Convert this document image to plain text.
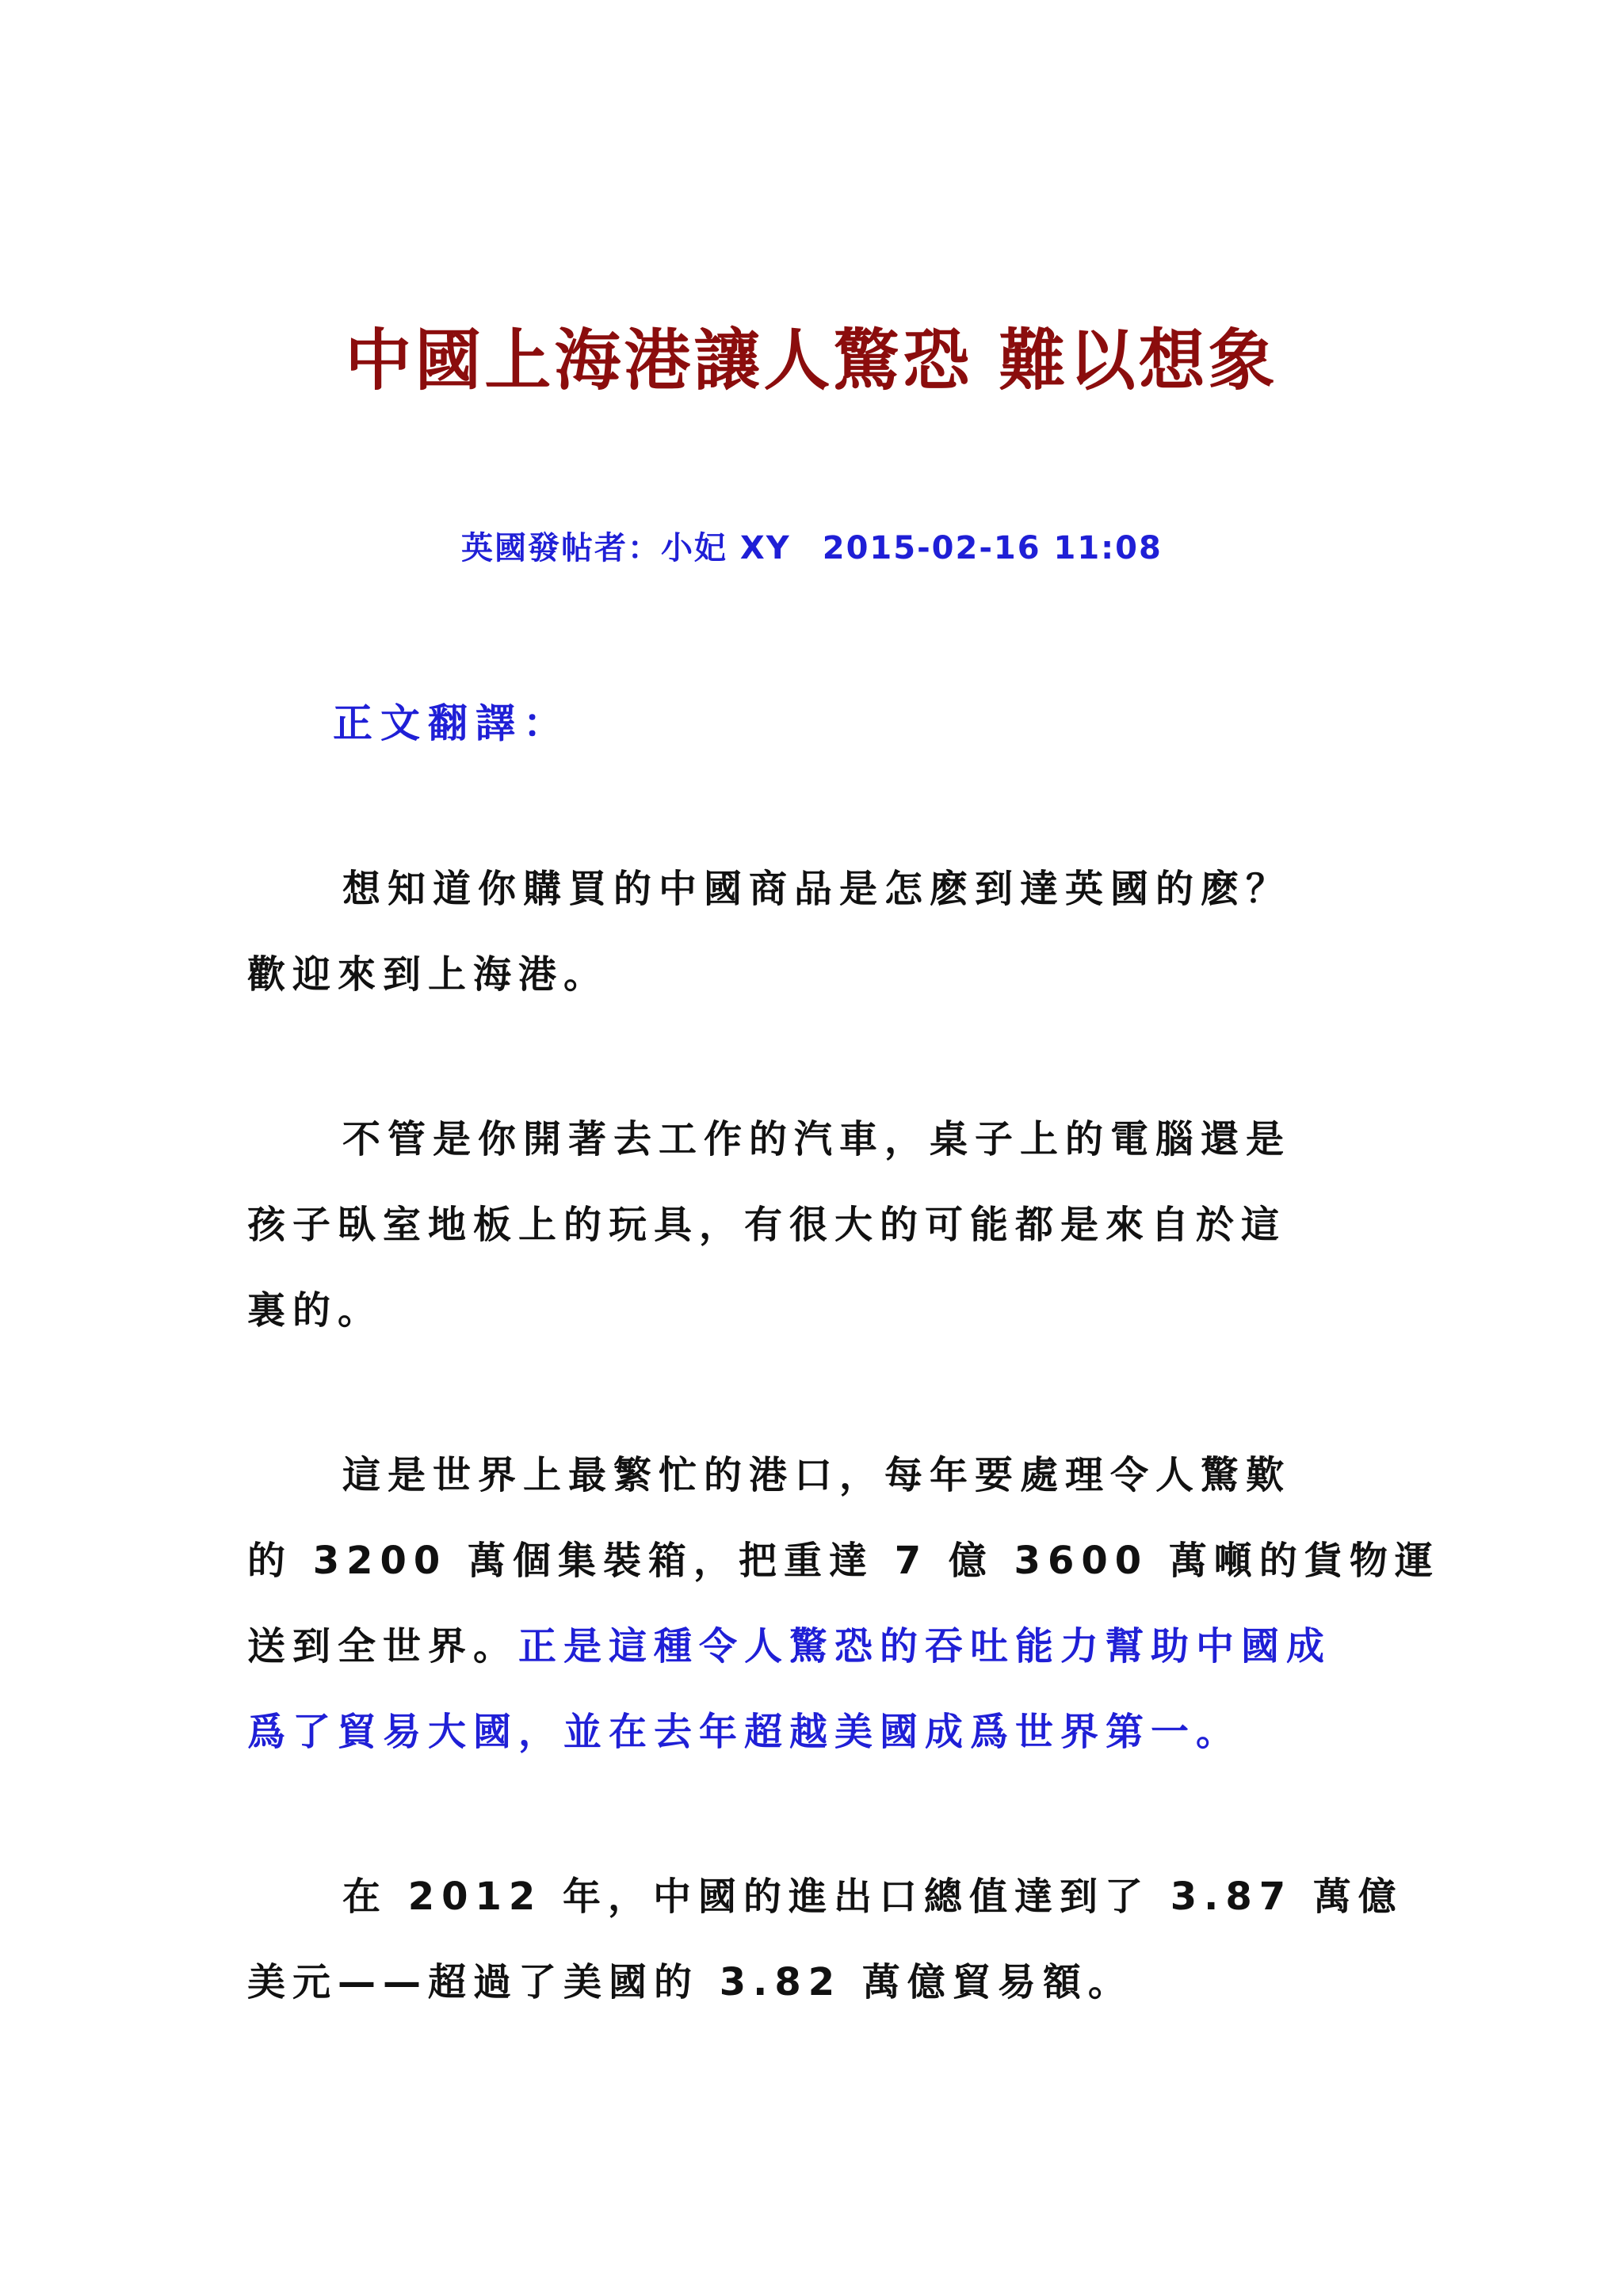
中國上海港讓人驚恐 難以想象
英國發帖者：小妃 XY 2015-02-16 11:08
正文翻譯：
想知道你購買的中國商品是怎麽到達英國的麽？
歡迎來到上海港。
不管是你開著去工作的汽車，桌子上的電腦還是
孩子臥室地板上的玩具，有很大的可能都是來自於這
裏的。
這是世界上最繁忙的港口，每年要處理令人驚歎
的 3200 萬個集裝箱，把重達 7 億 3600 萬噸的貨物運
送到全世界。正是這種令人驚恐的吞吐能力幫助中國成
爲了貿易大國，並在去年超越美國成爲世界第一。
在 2012 年，中國的進出口總值達到了 3.87 萬億
美元——超過了美國的 3.82 萬億貿易額。
